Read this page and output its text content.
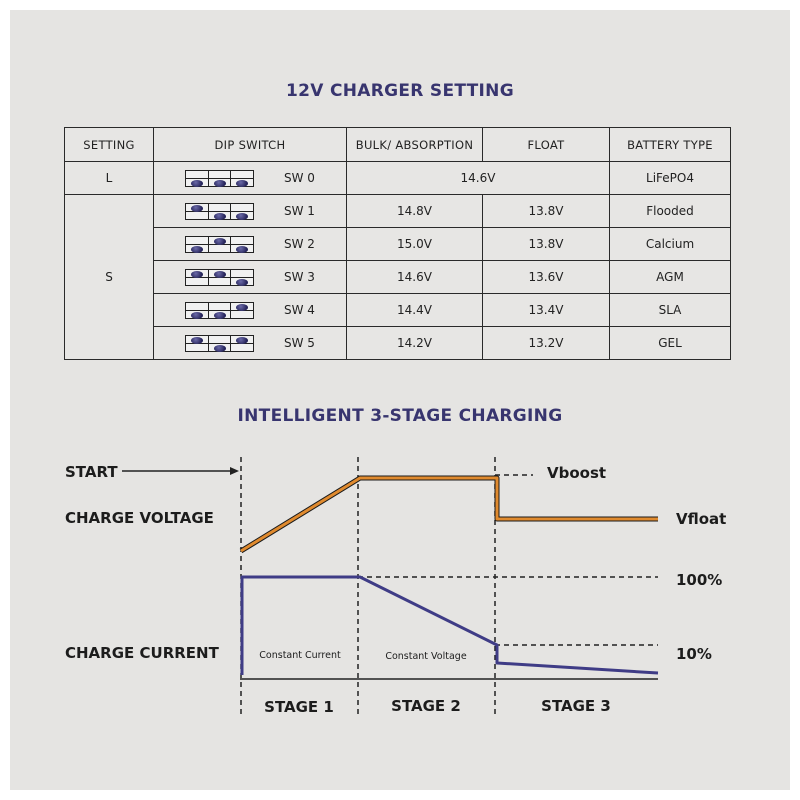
12V CHARGER SETTING
SETTING	DIP SWITCH	BULK/ ABSORPTION	FLOAT	BATTERY TYPE
L	SW 0	14.6V		LiFePO4
S	SW 1	14.8V	13.8V	Flooded

	SW 2	15.0V	13.8V	Calcium

	SW 3	14.6V	13.6V	AGM

	SW 4	14.4V	13.4V	SLA

	SW 5	14.2V	13.2V	GEL
INTELLIGENT 3-STAGE CHARGING
START
CHARGE VOLTAGE
CHARGE CURRENT
Vboost
Vfloat
100%
10%
Constant Current	Constant Voltage
STAGE 1	STAGE 2	STAGE 3
